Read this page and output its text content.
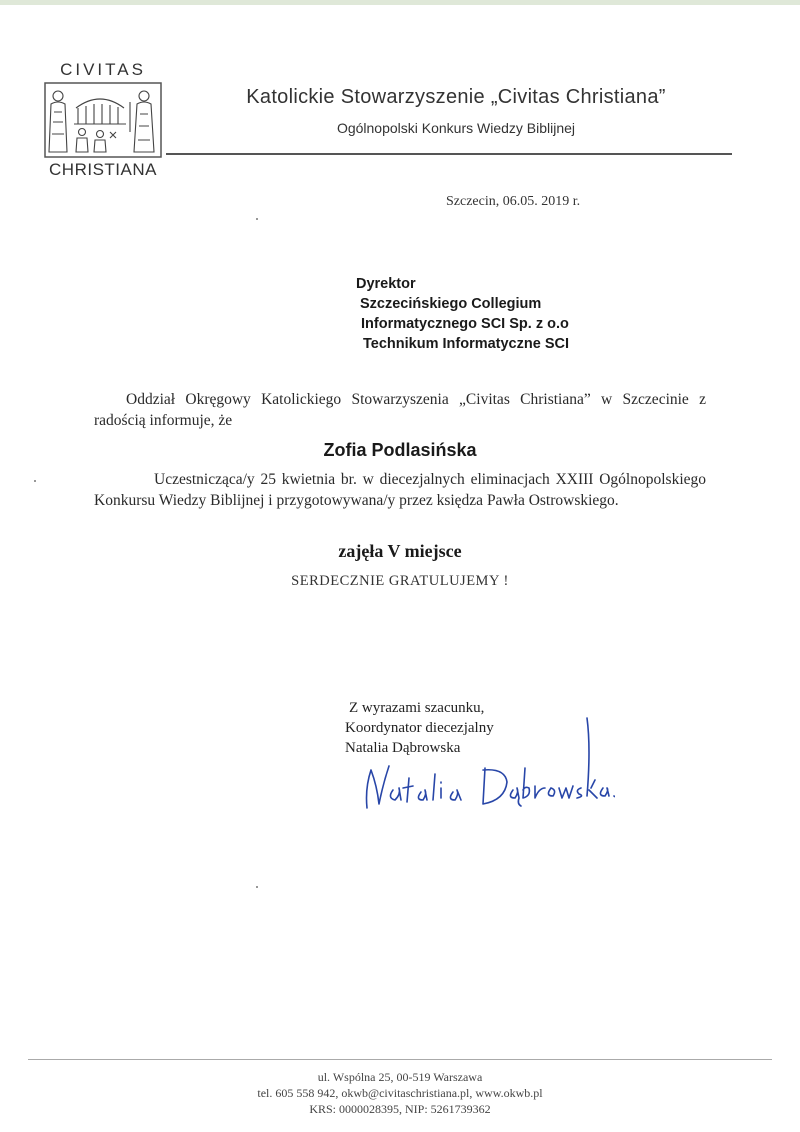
CIVITAS
CHRISTIANA
Katolickie Stowarzyszenie „Civitas Christiana”
Ogólnopolski Konkurs Wiedzy Biblijnej
Szczecin, 06.05. 2019 r.
Dyrektor
Szczecińskiego Collegium
Informatycznego SCI Sp. z o.o
Technikum Informatyczne SCI
Oddział Okręgowy Katolickiego Stowarzyszenia „Civitas Christiana” w Szczecinie z radością informuje, że
Zofia Podlasińska
Uczestnicząca/y 25 kwietnia br. w diecezjalnych eliminacjach XXIII Ogólnopolskiego Konkursu Wiedzy Biblijnej i przygotowywana/y przez księdza Pawła Ostrowskiego.
zajęła V miejsce
SERDECZNIE GRATULUJEMY !
Z wyrazami szacunku,
Koordynator diecezjalny
Natalia Dąbrowska
ul. Wspólna 25, 00-519 Warszawa
tel. 605 558 942, okwb@civitaschristiana.pl, www.okwb.pl
KRS: 0000028395, NIP: 5261739362
